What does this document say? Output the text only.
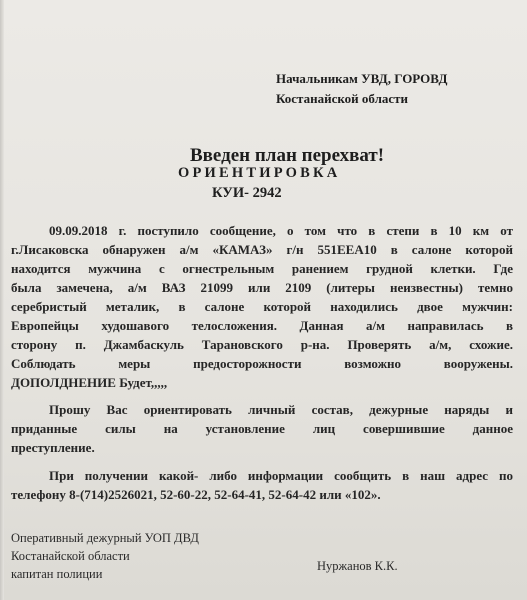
Начальникам УВД, ГОРОВД
Костанайской области
Введен план перехват!
ОРИЕНТИРОВКА
КУИ- 2942
09.09.2018 г. поступило сообщение, о том что в степи в 10 км от
г.Лисаковска обнаружен а/м «КАМАЗ» г/н 551ЕЕА10 в салоне которой
находится мужчина с огнестрельным ранением грудной клетки. Где
была замечена, а/м ВАЗ 21099 или 2109 (литеры неизвестны) темно
серебристый металик, в салоне которой находились двое мужчин:
Европейцы худошавого телосложения. Данная а/м направилась в
сторону п. Джамбаскуль Тарановского р-на. Проверять а/м, схожие.
Соблюдать меры предосторожности возможно вооружены.
ДОПОЛДНЕНИЕ Будет,,,,,
Прошу Вас ориентировать личный состав, дежурные наряды и
приданные силы на установление лиц совершившие данное
преступление.
При получении какой- либо информации сообщить в наш адрес по
телефону 8-(714)2526021, 52-60-22, 52-64-41, 52-64-42 или «102».
Оперативный дежурный УОП ДВД
Костанайской области
капитан полиции
Нуржанов К.К.
